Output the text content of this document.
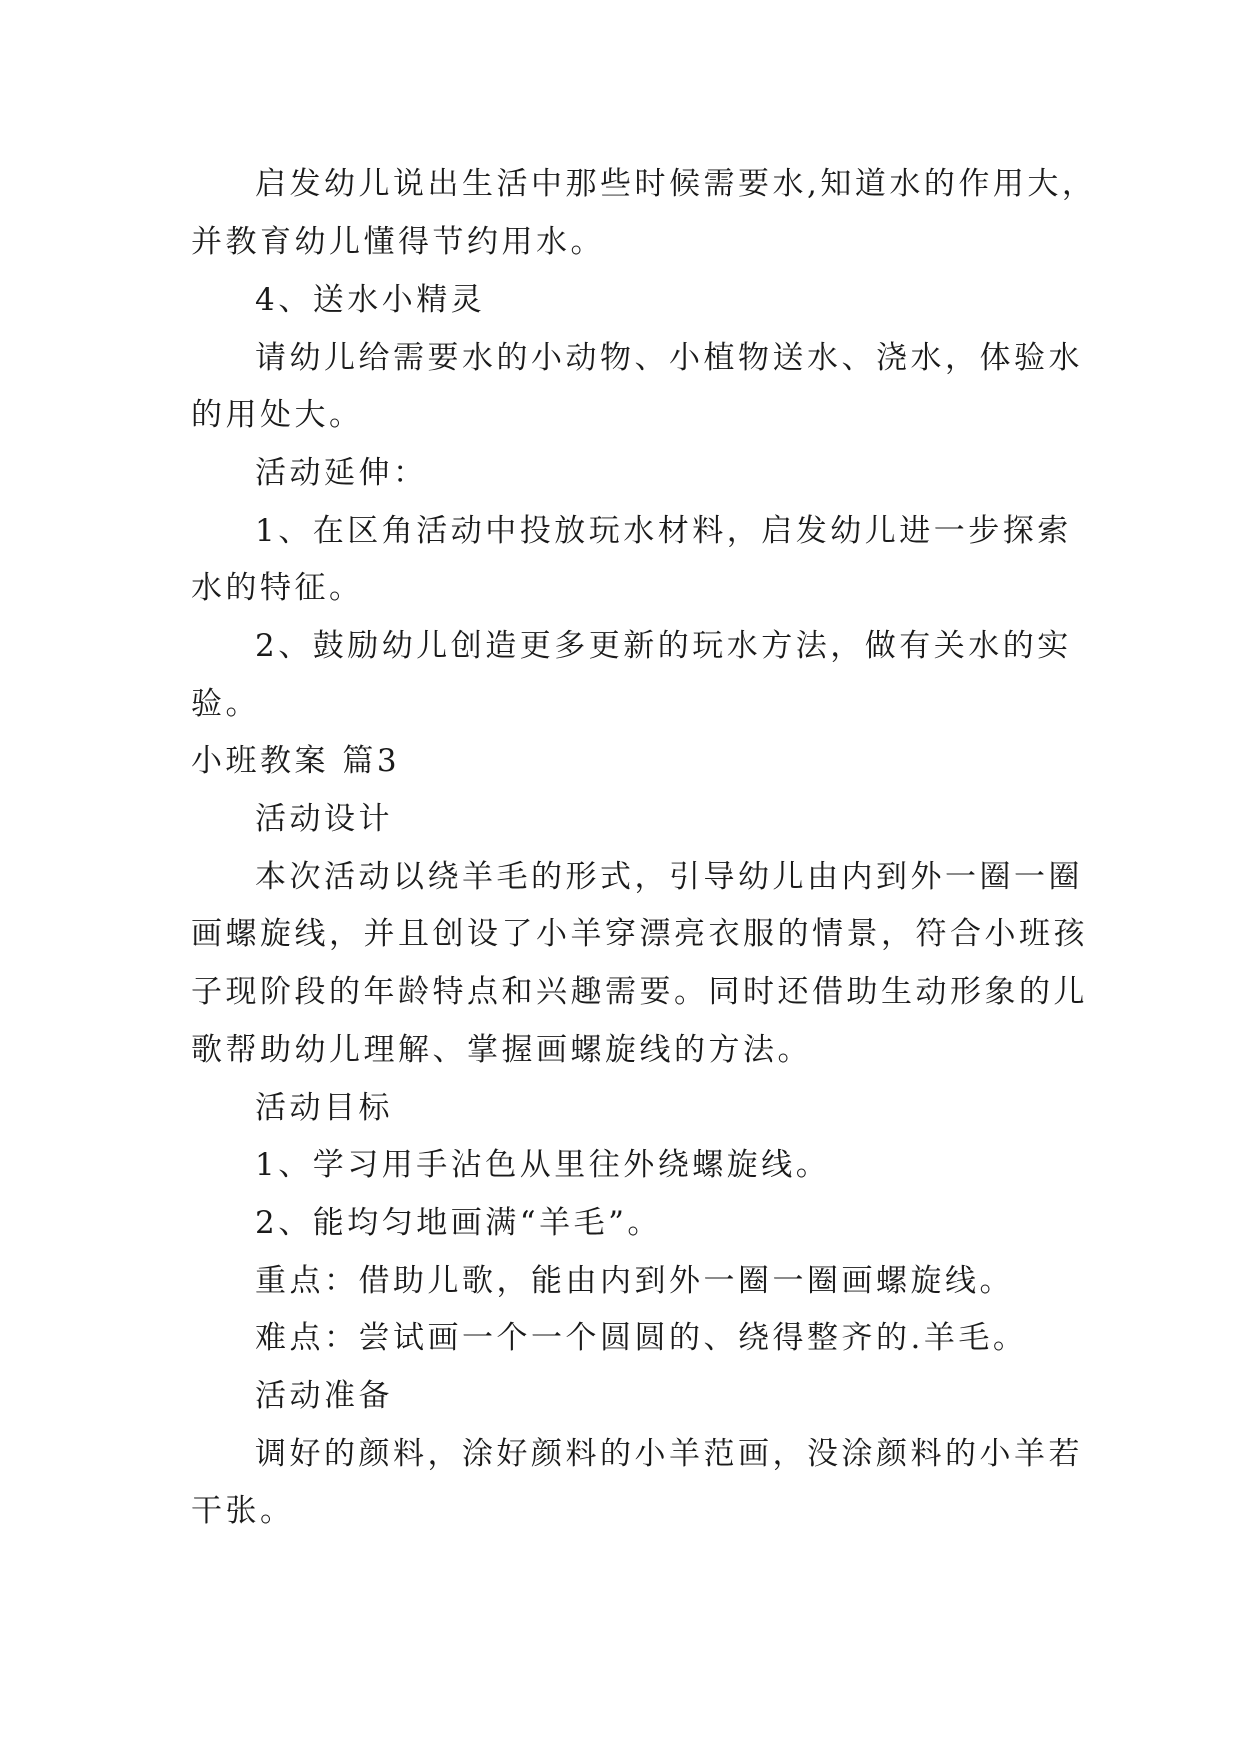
启发幼儿说出生活中那些时候需要水,知道水的作用大，
并教育幼儿懂得节约用水。
4、送水小精灵
请幼儿给需要水的小动物、小植物送水、浇水，体验水
的用处大。
活动延伸：
1、在区角活动中投放玩水材料，启发幼儿进一步探索
水的特征。
2、鼓励幼儿创造更多更新的玩水方法，做有关水的实
验。
小班教案 篇3
活动设计
本次活动以绕羊毛的形式，引导幼儿由内到外一圈一圈
画螺旋线，并且创设了小羊穿漂亮衣服的情景，符合小班孩
子现阶段的年龄特点和兴趣需要。同时还借助生动形象的儿
歌帮助幼儿理解、掌握画螺旋线的方法。
活动目标
1、学习用手沾色从里往外绕螺旋线。
2、能均匀地画满“羊毛”。
重点：借助儿歌，能由内到外一圈一圈画螺旋线。
难点：尝试画一个一个圆圆的、绕得整齐的.羊毛。
活动准备
调好的颜料，涂好颜料的小羊范画，没涂颜料的小羊若
干张。
